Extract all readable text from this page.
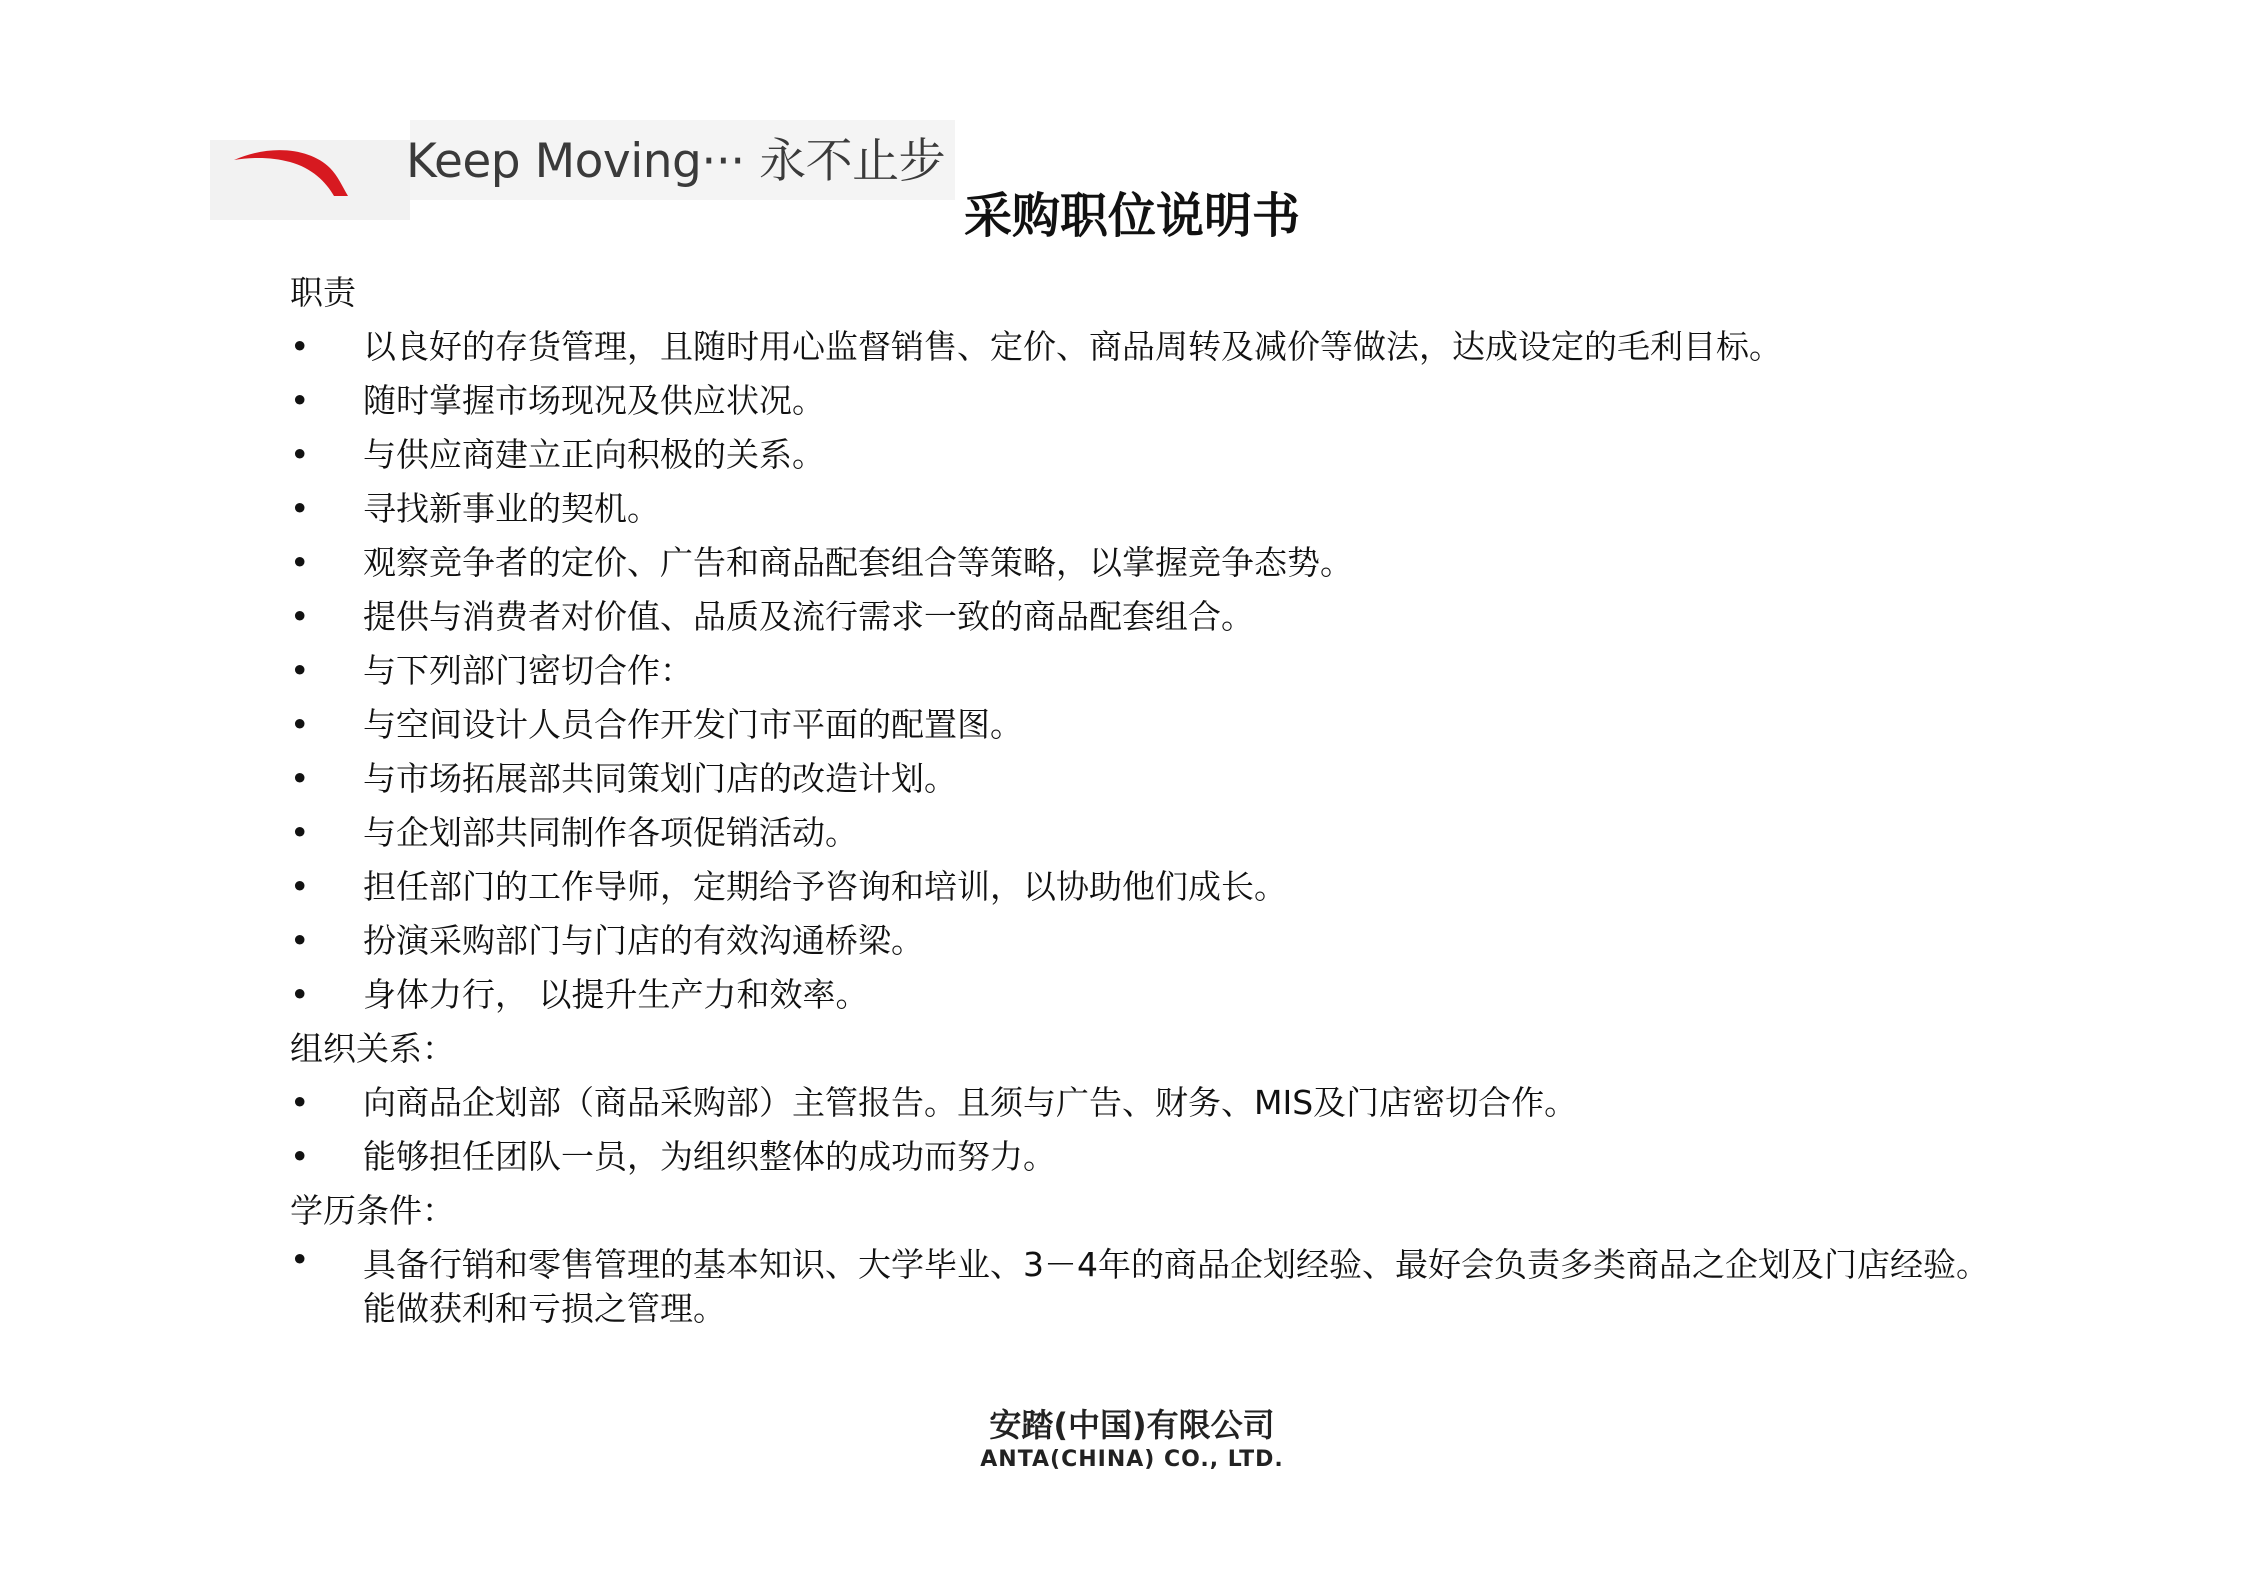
Keep Moving··· 永不止步
采购职位说明书
职责
• 以良好的存货管理，且随时用心监督销售、定价、商品周转及减价等做法，达成设定的毛利目标。
• 随时掌握市场现况及供应状况。
• 与供应商建立正向积极的关系。
• 寻找新事业的契机。
• 观察竞争者的定价、广告和商品配套组合等策略，以掌握竞争态势。
• 提供与消费者对价值、品质及流行需求一致的商品配套组合。
• 与下列部门密切合作：
• 与空间设计人员合作开发门市平面的配置图。
• 与市场拓展部共同策划门店的改造计划。
• 与企划部共同制作各项促销活动。
• 担任部门的工作导师，定期给予咨询和培训，以协助他们成长。
• 扮演采购部门与门店的有效沟通桥梁。
• 身体力行， 以提升生产力和效率。
组织关系：
• 向商品企划部（商品采购部）主管报告。且须与广告、财务、MIS及门店密切合作。
• 能够担任团队一员，为组织整体的成功而努力。
学历条件：
• 具备行销和零售管理的基本知识、大学毕业、3－4年的商品企划经验、最好会负责多类商品之企划及门店经验。能做获利和亏损之管理。
安踏(中国)有限公司
ANTA(CHINA) CO., LTD.
